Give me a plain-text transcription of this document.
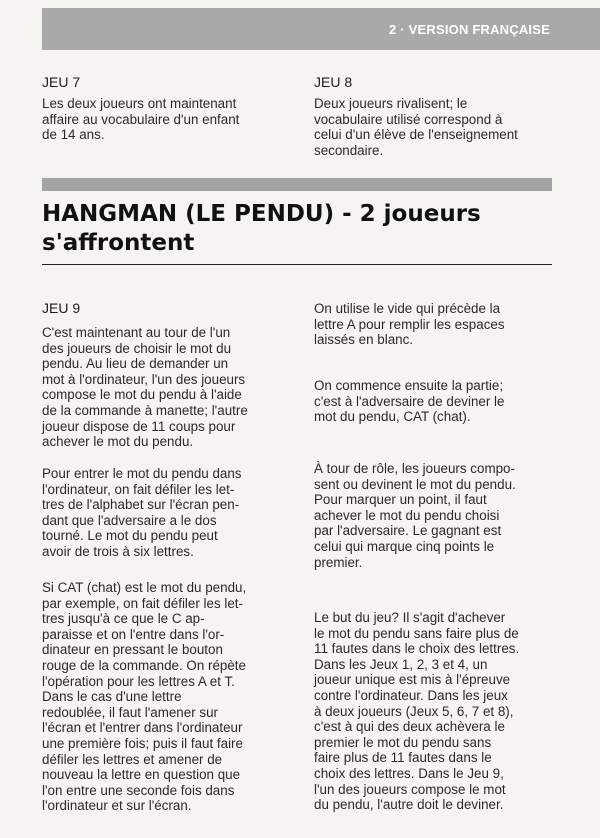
2 · VERSION FRANÇAISE
JEU 7

Les deux joueurs ont maintenant
affaire au vocabulaire d'un enfant
de 14 ans.

JEU 8

Deux joueurs rivalisent; le
vocabulaire utilisé correspond à
celui d'un élève de l'enseignement
secondaire.

HANGMAN (LE PENDU) - 2 joueurs
s'affrontent
JEU 9

C'est maintenant au tour de l'un
des joueurs de choisir le mot du
pendu. Au lieu de demander un
mot à l'ordinateur, l'un des joueurs
compose le mot du pendu à l'aide
de la commande à manette; l'autre
joueur dispose de 11 coups pour
achever le mot du pendu.

Pour entrer le mot du pendu dans
l'ordinateur, on fait défiler les let-
tres de l'alphabet sur l'écran pen-
dant que l'adversaire a le dos
tourné. Le mot du pendu peut
avoir de trois à six lettres.

Si CAT (chat) est le mot du pendu,
par exemple, on fait défiler les let-
tres jusqu'à ce que le C ap-
paraisse et on l'entre dans l'or-
dinateur en pressant le bouton
rouge de la commande. On répète
l'opération pour les lettres A et T.
Dans le cas d'une lettre
redoublée, il faut l'amener sur
l'écran et l'entrer dans l'ordinateur
une première fois; puis il faut faire
défiler les lettres et amener de
nouveau la lettre en question que
l'on entre une seconde fois dans
l'ordinateur et sur l'écran.

On utilise le vide qui précède la
lettre A pour remplir les espaces
laissés en blanc.

On commence ensuite la partie;
c'est à l'adversaire de deviner le
mot du pendu, CAT (chat).

À tour de rôle, les joueurs compo-
sent ou devinent le mot du pendu.
Pour marquer un point, il faut
achever le mot du pendu choisi
par l'adversaire. Le gagnant est
celui qui marque cinq points le
premier.

Le but du jeu? Il s'agit d'achever
le mot du pendu sans faire plus de
11 fautes dans le choix des lettres.
Dans les Jeux 1, 2, 3 et 4, un
joueur unique est mis à l'épreuve
contre l'ordinateur. Dans les jeux
à deux joueurs (Jeux 5, 6, 7 et 8),
c'est à qui des deux achèvera le
premier le mot du pendu sans
faire plus de 11 fautes dans le
choix des lettres. Dans le Jeu 9,
l'un des joueurs compose le mot
du pendu, l'autre doit le deviner.
